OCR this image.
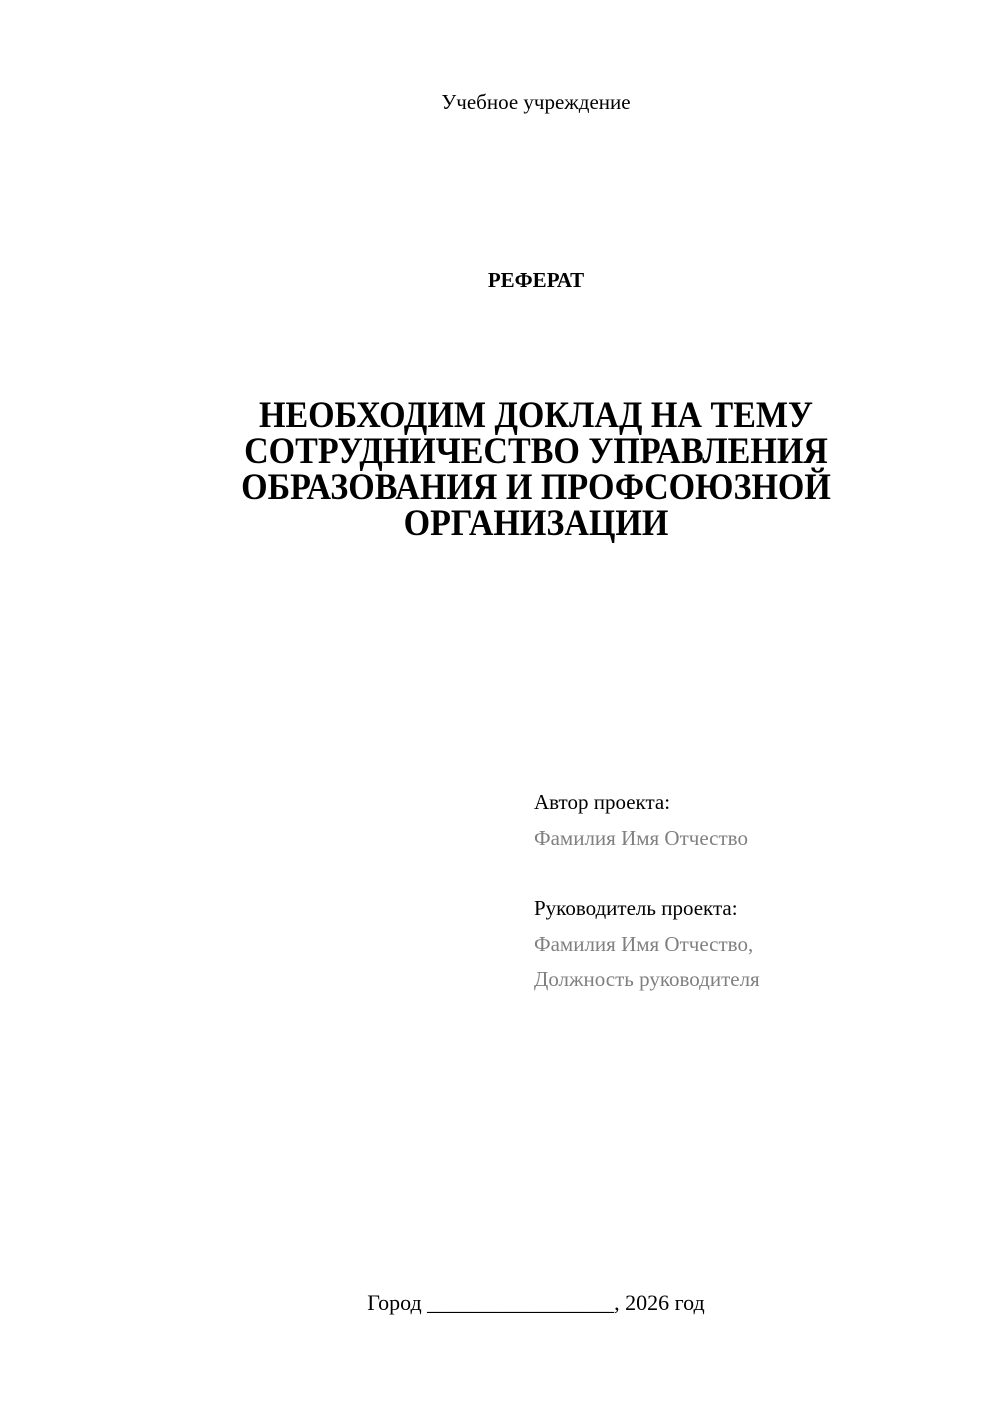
Учебное учреждение
РЕФЕРАТ
НЕОБХОДИМ ДОКЛАД НА ТЕМУ
СОТРУДНИЧЕСТВО УПРАВЛЕНИЯ
ОБРАЗОВАНИЯ И ПРОФСОЮЗНОЙ
ОРГАНИЗАЦИИ
Автор проекта:
Фамилия Имя Отчество
Руководитель проекта:
Фамилия Имя Отчество,
Должность руководителя
Город _________________, 2026 год
